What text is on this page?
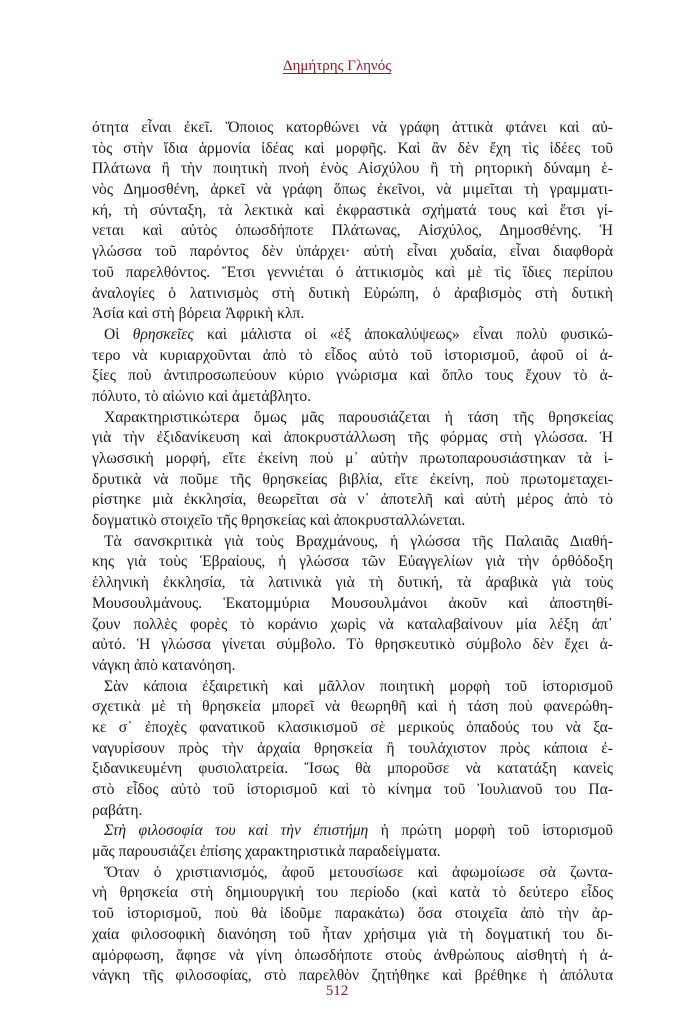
Δημήτρης Γληνός
ότητα εἶναι ἐκεῖ. Ὅποιος κατορθώνει νὰ γράφη ἀττικὰ φτάνει καὶ αὐ-
τὸς στὴν ἴδια ἁρμονία ἰδέας καὶ μορφῆς. Καὶ ἂν δὲν ἔχη τὶς ἰδέες τοῦ
Πλάτωνα ἢ τὴν ποιητικὴ πνοὴ ἑνὸς Αἰσχύλου ἢ τὴ ρητορικὴ δύναμη ἑ-
νὸς Δημοσθένη, ἀρκεῖ νὰ γράφη ὅπως ἐκεῖνοι, νὰ μιμεῖται τὴ γραμματι-
κή, τὴ σύνταξη, τὰ λεκτικὰ καὶ ἐκφραστικὰ σχήματά τους καὶ ἔτσι γί-
νεται καὶ αὐτὸς ὁπωσδήποτε Πλάτωνας, Αἰσχύλος, Δημοσθένης. Ἡ
γλώσσα τοῦ παρόντος δὲν ὑπάρχει· αὐτὴ εἶναι χυδαία, εἶναι διαφθορὰ
τοῦ παρελθόντος. Ἔτσι γεννιέται ὁ ἀττικισμὸς καὶ μὲ τὶς ἴδιες περίπου
ἀναλογίες ὁ λατινισμὸς στὴ δυτικὴ Εὐρώπη, ὁ ἀραβισμὸς στὴ δυτικὴ
Ἀσία καὶ στὴ βόρεια Ἀφρικὴ κλπ.
Οἱ θρησκεῖες καὶ μάλιστα οἱ «ἐξ ἀποκαλύψεως» εἶναι πολὺ φυσικώ-
τερο νὰ κυριαρχοῦνται ἀπὸ τὸ εἶδος αὐτὸ τοῦ ἱστορισμοῦ, ἀφοῦ οἱ ἀ-
ξίες ποὺ ἀντιπροσωπεύουν κύριο γνώρισμα καὶ ὅπλο τους ἔχουν τὸ ἀ-
πόλυτο, τὸ αἰώνιο καὶ ἀμετάβλητο.
Χαρακτηριστικώτερα ὅμως μᾶς παρουσιάζεται ἡ τάση τῆς θρησκείας
γιὰ τὴν ἐξιδανίκευση καὶ ἀποκρυστάλλωση τῆς φόρμας στὴ γλώσσα. Ἡ
γλωσσικὴ μορφή, εἴτε ἐκείνη ποὺ μ᾽ αὐτὴν πρωτοπαρουσιάστηκαν τὰ ἱ-
δρυτικὰ νὰ ποῦμε τῆς θρησκείας βιβλία, εἴτε ἐκείνη, ποὺ πρωτομεταχει-
ρίστηκε μιὰ ἐκκλησία, θεωρεῖται σὰ ν᾽ ἀποτελῆ καὶ αὐτὴ μέρος ἀπὸ τὸ
δογματικὸ στοιχεῖο τῆς θρησκείας καὶ ἀποκρυσταλλώνεται.
Τὰ σανσκριτικὰ γιὰ τοὺς Βραχμάνους, ἡ γλώσσα τῆς Παλαιᾶς Διαθή-
κης γιὰ τοὺς Ἑβραίους, ἡ γλώσσα τῶν Εὐαγγελίων γιὰ τὴν ὀρθόδοξη
ἑλληνικὴ ἐκκλησία, τὰ λατινικὰ γιὰ τὴ δυτική, τὰ ἀραβικὰ γιὰ τοὺς
Μουσουλμάνους. Ἑκατομμύρια Μουσουλμάνοι ἀκοῦν καὶ ἀποστηθί-
ζουν πολλὲς φορὲς τὸ κοράνιο χωρὶς νὰ καταλαβαίνουν μία λέξη ἀπ᾽
αὐτό. Ἡ γλώσσα γίνεται σύμβολο. Τὸ θρησκευτικὸ σύμβολο δὲν ἔχει ἀ-
νάγκη ἀπὸ κατανόηση.
Σὰν κάποια ἐξαιρετικὴ καὶ μᾶλλον ποιητικὴ μορφὴ τοῦ ἱστορισμοῦ
σχετικὰ μὲ τὴ θρησκεία μπορεῖ νὰ θεωρηθῆ καὶ ἡ τάση ποὺ φανερώθη-
κε σ᾽ ἐποχὲς φανατικοῦ κλασικισμοῦ σὲ μερικοὺς ὀπαδούς του νὰ ξα-
ναγυρίσουν πρὸς τὴν ἀρχαία θρησκεία ἢ τουλάχιστον πρὸς κάποια ἐ-
ξιδανικευμένη φυσιολατρεία. Ἴσως θὰ μποροῦσε νὰ κατατάξη κανεὶς
στὸ εἶδος αὐτὸ τοῦ ἱστορισμοῦ καὶ τὸ κίνημα τοῦ Ἰουλιανοῦ του Πα-
ραβάτη.
Στὴ φιλοσοφία του καὶ τὴν ἐπιστήμη ἡ πρώτη μορφὴ τοῦ ἱστορισμοῦ
μᾶς παρουσιάζει ἐπίσης χαρακτηριστικὰ παραδείγματα.
Ὅταν ὁ χριστιανισμός, ἀφοῦ μετουσίωσε καὶ ἀφωμοίωσε σὰ ζωντα-
νὴ θρησκεία στὴ δημιουργική του περίοδο (καὶ κατὰ τὸ δεύτερο εἶδος
τοῦ ἱστορισμοῦ, ποὺ θὰ ἰδοῦμε παρακάτω) ὅσα στοιχεῖα ἀπὸ τὴν ἀρ-
χαία φιλοσοφικὴ διανόηση τοῦ ἦταν χρήσιμα γιὰ τὴ δογματική του δι-
αμόρφωση, ἄφησε νὰ γίνη ὁπωσδήποτε στοὺς ἀνθρώπους αἰσθητὴ ἡ ἀ-
νάγκη τῆς φιλοσοφίας, στὸ παρελθὸν ζητήθηκε καὶ βρέθηκε ἡ ἀπόλυτα
512
